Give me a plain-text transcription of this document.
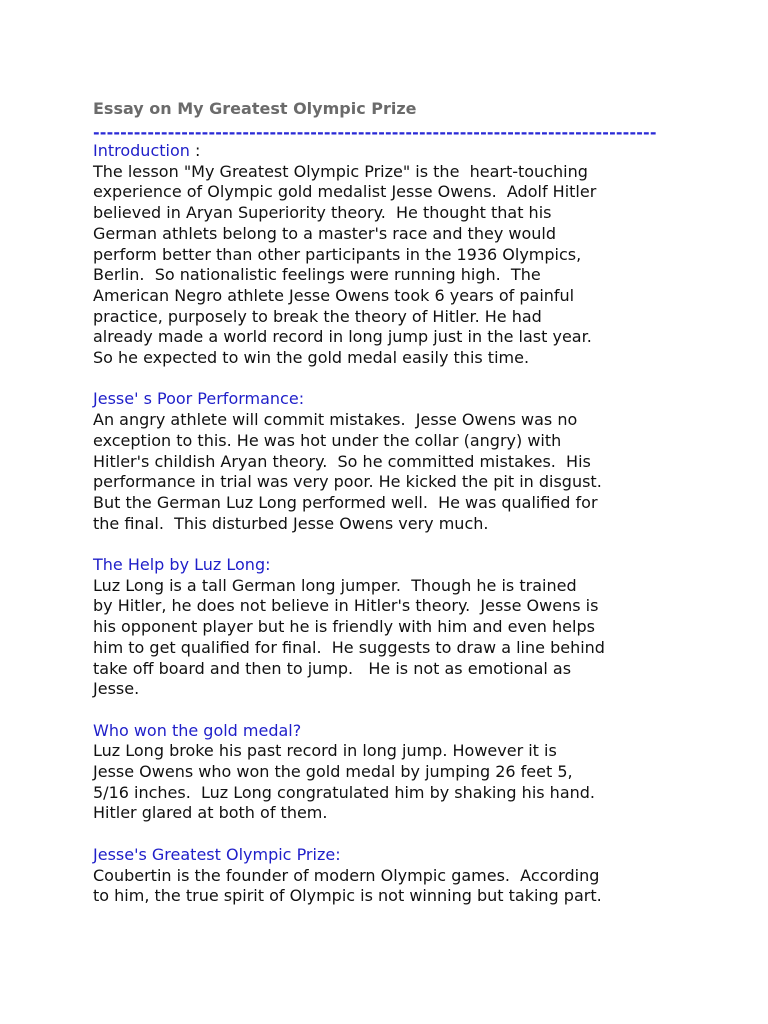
Essay on My Greatest Olympic Prize
-----------------------------------------------------------------------------------
Introduction :
The lesson "My Greatest Olympic Prize" is the  heart-touching
experience of Olympic gold medalist Jesse Owens.  Adolf Hitler
believed in Aryan Superiority theory.  He thought that his
German athlets belong to a master's race and they would
perform better than other participants in the 1936 Olympics,
Berlin.  So nationalistic feelings were running high.  The
American Negro athlete Jesse Owens took 6 years of painful
practice, purposely to break the theory of Hitler. He had
already made a world record in long jump just in the last year.
So he expected to win the gold medal easily this time.
Jesse' s Poor Performance:
An angry athlete will commit mistakes.  Jesse Owens was no
exception to this. He was hot under the collar (angry) with
Hitler's childish Aryan theory.  So he committed mistakes.  His
performance in trial was very poor. He kicked the pit in disgust.
But the German Luz Long performed well.  He was qualified for
the final.  This disturbed Jesse Owens very much.
The Help by Luz Long:
Luz Long is a tall German long jumper.  Though he is trained
by Hitler, he does not believe in Hitler's theory.  Jesse Owens is
his opponent player but he is friendly with him and even helps
him to get qualified for final.  He suggests to draw a line behind
take off board and then to jump.   He is not as emotional as
Jesse.
Who won the gold medal?
Luz Long broke his past record in long jump. However it is
Jesse Owens who won the gold medal by jumping 26 feet 5,
5/16 inches.  Luz Long congratulated him by shaking his hand.
Hitler glared at both of them.
Jesse's Greatest Olympic Prize:
Coubertin is the founder of modern Olympic games.  According
to him, the true spirit of Olympic is not winning but taking part.
